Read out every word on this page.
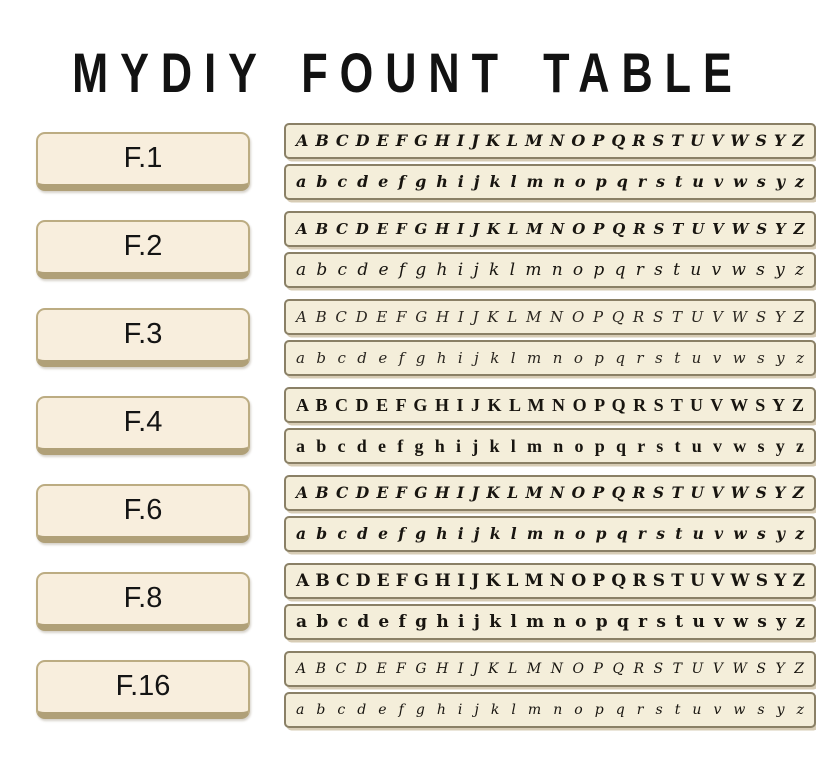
MYDIY FOUNT TABLE
F.1
A B C D E F G H I J K L M N O P Q R S T U V W S Y Z
a b c d e f g h i j k l m n o p q r s t u v w s y z
F.2
A B C D E F G H I J K L M N O P Q R S T U V W S Y Z
a b c d e f g h i j k l m n o p q r s t u v w s y z
F.3
A B C D E F G H I J K L M N O P Q R S T U V W S Y Z
a b c d e f g h i j k l m n o p q r s t u v w s y z
F.4
A B C D E F G H I J K L M N O P Q R S T U V W S Y Z
a b c d e f g h i j k l m n o p q r s t u v w s y z
F.6
A B C D E F G H I J K L M N O P Q R S T U V W S Y Z
a b c d e f g h i j k l m n o p q r s t u v w s y z
F.8
A B C D E F G H I J K L M N O P Q R S T U V W S Y Z
a b c d e f g h i j k l m n o p q r s t u v w s y z
F.16
A B C D E F G H I J K L M N O P Q R S T U V W S Y Z
a b c d e f g h i j k l m n o p q r s t u v w s y z
